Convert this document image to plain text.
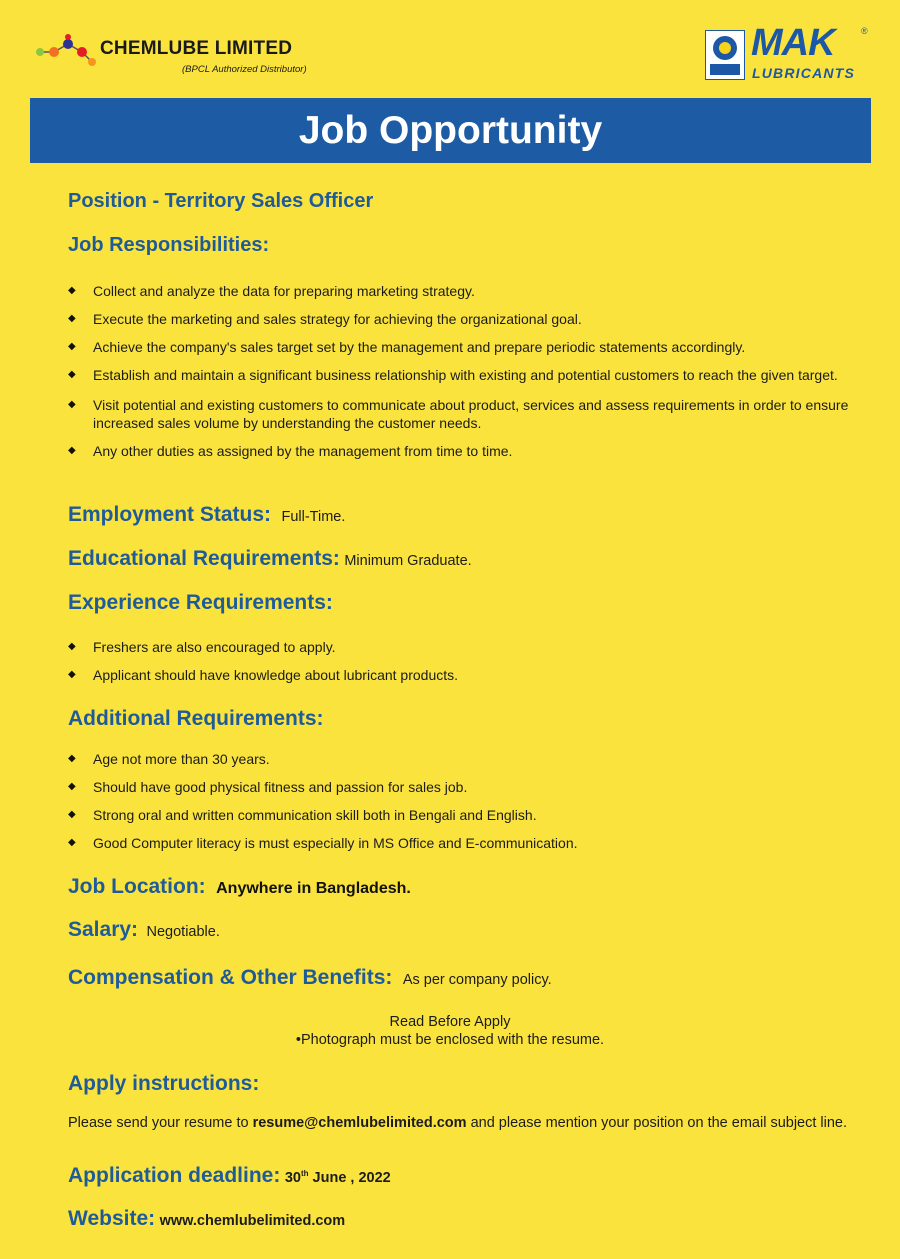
CHEMLUBE LIMITED
(BPCL Authorized Distributor)
MAK	®
LUBRICANTS
Job Opportunity
Position - Territory Sales Officer
Job Responsibilities:
◆ Collect and analyze the data for preparing marketing strategy.
◆ Execute the marketing and sales strategy for achieving the organizational goal.
◆ Achieve the company's sales target set by the management and prepare periodic statements accordingly.
◆ Establish and maintain a significant business relationship with existing and potential customers to reach the given target.
◆ Visit potential and existing customers to communicate about product, services and assess requirements in order to ensure increased sales volume by understanding the customer needs.
◆ Any other duties as assigned by the management from time to time.
Employment Status: Full-Time.
Educational Requirements: Minimum Graduate.
Experience Requirements:
◆ Freshers are also encouraged to apply.
◆ Applicant should have knowledge about lubricant products.
Additional Requirements:
◆ Age not more than 30 years.
◆ Should have good physical fitness and passion for sales job.
◆ Strong oral and written communication skill both in Bengali and English.
◆ Good Computer literacy is must especially in MS Office and E-communication.
Job Location: Anywhere in Bangladesh.
Salary: Negotiable.
Compensation & Other Benefits: As per company policy.
Read Before Apply
•Photograph must be enclosed with the resume.
Apply instructions:
Please send your resume to resume@chemlubelimited.com and please mention your position on the email subject line.
Application deadline: 30th June , 2022
Website: www.chemlubelimited.com
